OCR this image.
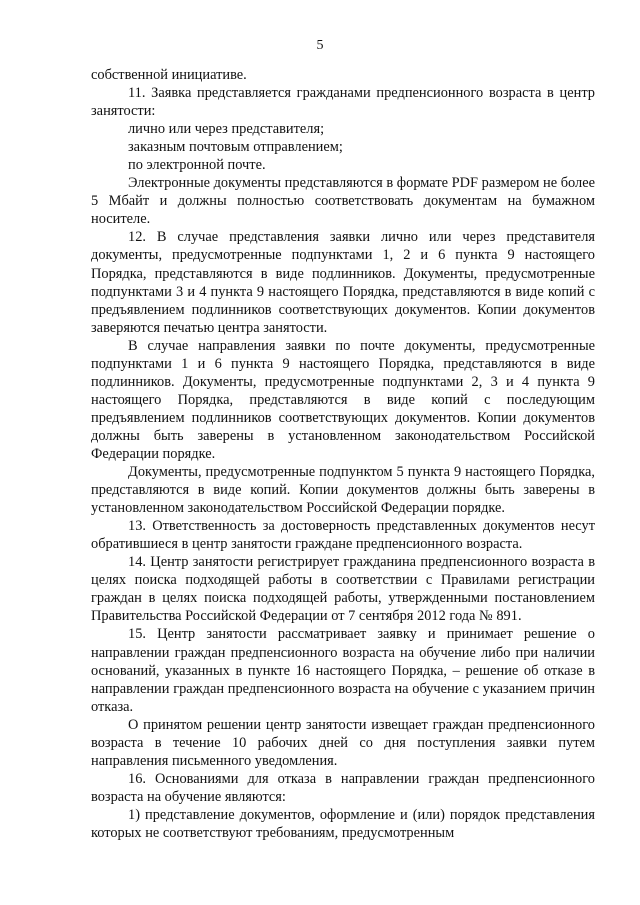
5

собственной инициативе.

11. Заявка представляется гражданами предпенсионного возраста в центр занятости:

лично или через представителя;

заказным почтовым отправлением;

по электронной почте.

Электронные документы представляются в формате PDF размером не более 5 Мбайт и должны полностью соответствовать документам на бумажном носителе.

12. В случае представления заявки лично или через представителя документы, предусмотренные подпунктами 1, 2 и 6 пункта 9 настоящего Порядка, представляются в виде подлинников. Документы, предусмотренные подпунктами 3 и 4 пункта 9 настоящего Порядка, представляются в виде копий с предъявлением подлинников соответствующих документов. Копии документов заверяются печатью центра занятости.

В случае направления заявки по почте документы, предусмотренные подпунктами 1 и 6 пункта 9 настоящего Порядка, представляются в виде подлинников. Документы, предусмотренные подпунктами 2, 3 и 4 пункта 9 настоящего Порядка, представляются в виде копий с последующим предъявлением подлинников соответствующих документов. Копии документов должны быть заверены в установленном законодательством Российской Федерации порядке.

Документы, предусмотренные подпунктом 5 пункта 9 настоящего Порядка, представляются в виде копий. Копии документов должны быть заверены в установленном законодательством Российской Федерации порядке.

13. Ответственность за достоверность представленных документов несут обратившиеся в центр занятости граждане предпенсионного возраста.

14. Центр занятости регистрирует гражданина предпенсионного возраста в целях поиска подходящей работы в соответствии с Правилами регистрации граждан в целях поиска подходящей работы, утвержденными постановлением Правительства Российской Федерации от 7 сентября 2012 года № 891.

15. Центр занятости рассматривает заявку и принимает решение о направлении граждан предпенсионного возраста на обучение либо при наличии оснований, указанных в пункте 16 настоящего Порядка, – решение об отказе в направлении граждан предпенсионного возраста на обучение с указанием причин отказа.

О принятом решении центр занятости извещает граждан предпенсионного возраста в течение 10 рабочих дней со дня поступления заявки путем направления письменного уведомления.

16. Основаниями для отказа в направлении граждан предпенсионного возраста на обучение являются:

1) представление документов, оформление и (или) порядок представления которых не соответствуют требованиям, предусмотренным
